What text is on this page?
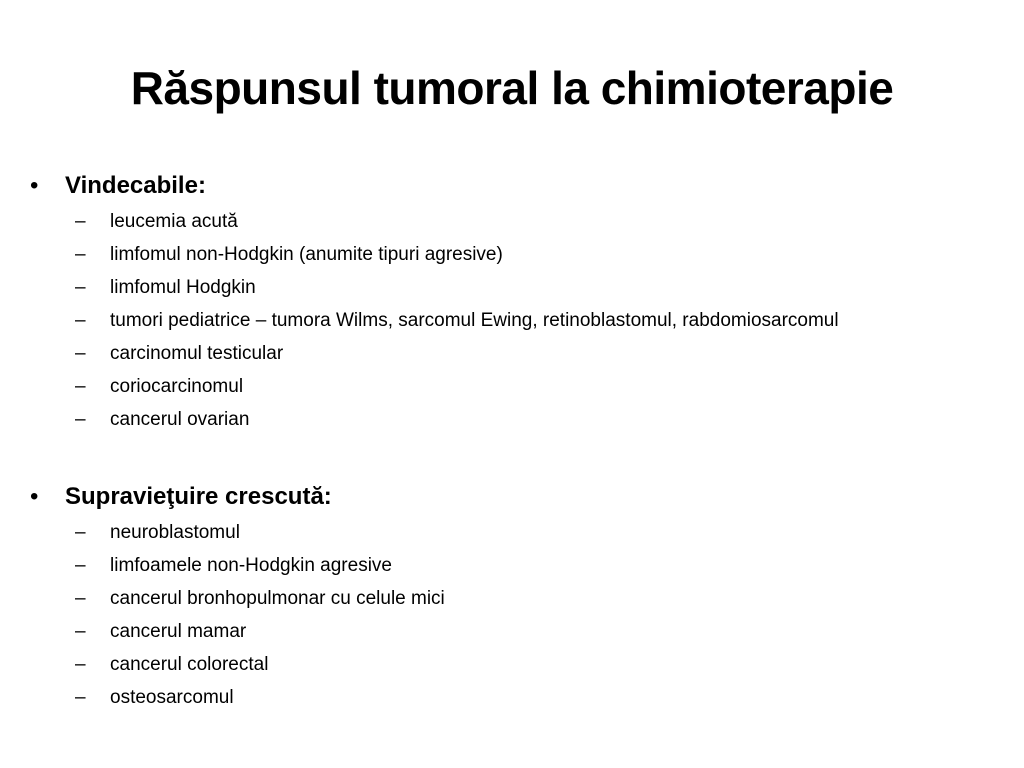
Răspunsul tumoral la chimioterapie
• Vindecabile:
– leucemia acută
– limfomul non-Hodgkin (anumite tipuri agresive)
– limfomul Hodgkin
– tumori pediatrice – tumora Wilms, sarcomul Ewing, retinoblastomul, rabdomiosarcomul
– carcinomul testicular
– coriocarcinomul
– cancerul ovarian
• Supravieţuire crescută:
– neuroblastomul
– limfoamele non-Hodgkin agresive
– cancerul bronhopulmonar cu celule mici
– cancerul mamar
– cancerul colorectal
– osteosarcomul
